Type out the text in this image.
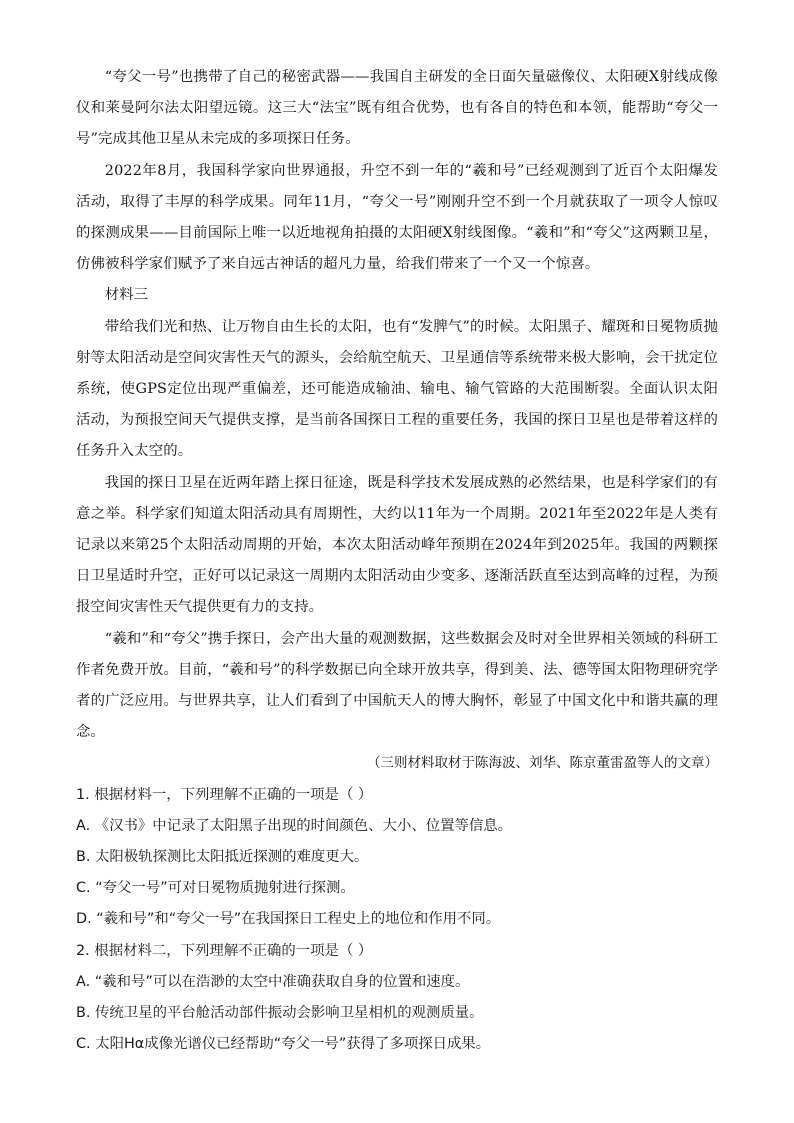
“夸父一号”也携带了自己的秘密武器——我国自主研发的全日面矢量磁像仪、太阳硬X射线成像仪和莱曼阿尔法太阳望远镜。这三大“法宝”既有组合优势，也有各自的特色和本领，能帮助“夸父一号”完成其他卫星从未完成的多项探日任务。

2022年8月，我国科学家向世界通报，升空不到一年的“羲和号”已经观测到了近百个太阳爆发活动，取得了丰厚的科学成果。同年11月，“夸父一号”刚刚升空不到一个月就获取了一项令人惊叹的探测成果——目前国际上唯一以近地视角拍摄的太阳硬X射线图像。“羲和”和“夸父”这两颗卫星，仿佛被科学家们赋予了来自远古神话的超凡力量，给我们带来了一个又一个惊喜。

材料三

带给我们光和热、让万物自由生长的太阳，也有“发脾气”的时候。太阳黑子、耀斑和日冕物质抛射等太阳活动是空间灾害性天气的源头，会给航空航天、卫星通信等系统带来极大影响，会干扰定位系统，使GPS定位出现严重偏差，还可能造成输油、输电、输气管路的大范围断裂。全面认识太阳活动，为预报空间天气提供支撑，是当前各国探日工程的重要任务，我国的探日卫星也是带着这样的任务升入太空的。

我国的探日卫星在近两年踏上探日征途，既是科学技术发展成熟的必然结果，也是科学家们的有意之举。科学家们知道太阳活动具有周期性，大约以11年为一个周期。2021年至2022年是人类有记录以来第25个太阳活动周期的开始，本次太阳活动峰年预期在2024年到2025年。我国的两颗探日卫星适时升空，正好可以记录这一周期内太阳活动由少变多、逐渐活跃直至达到高峰的过程，为预报空间灾害性天气提供更有力的支持。

“羲和”和“夸父”携手探日，会产出大量的观测数据，这些数据会及时对全世界相关领域的科研工作者免费开放。目前，“羲和号”的科学数据已向全球开放共享，得到美、法、德等国太阳物理研究学者的广泛应用。与世界共享，让人们看到了中国航天人的博大胸怀，彰显了中国文化中和谐共赢的理念。

（三则材料取材于陈海波、刘华、陈京董雷盈等人的文章）

1. 根据材料一，下列理解不正确的一项是（ ）

A. 《汉书》中记录了太阳黑子出现的时间颜色、大小、位置等信息。

B. 太阳极轨探测比太阳抵近探测的难度更大。

C. “夸父一号”可对日冕物质抛射进行探测。

D. “羲和号”和“夸父一号”在我国探日工程史上的地位和作用不同。

2. 根据材料二，下列理解不正确的一项是（ ）

A. “羲和号”可以在浩渺的太空中准确获取自身的位置和速度。

B. 传统卫星的平台舱活动部件振动会影响卫星相机的观测质量。

C. 太阳Hα成像光谱仪已经帮助“夸父一号”获得了多项探日成果。
